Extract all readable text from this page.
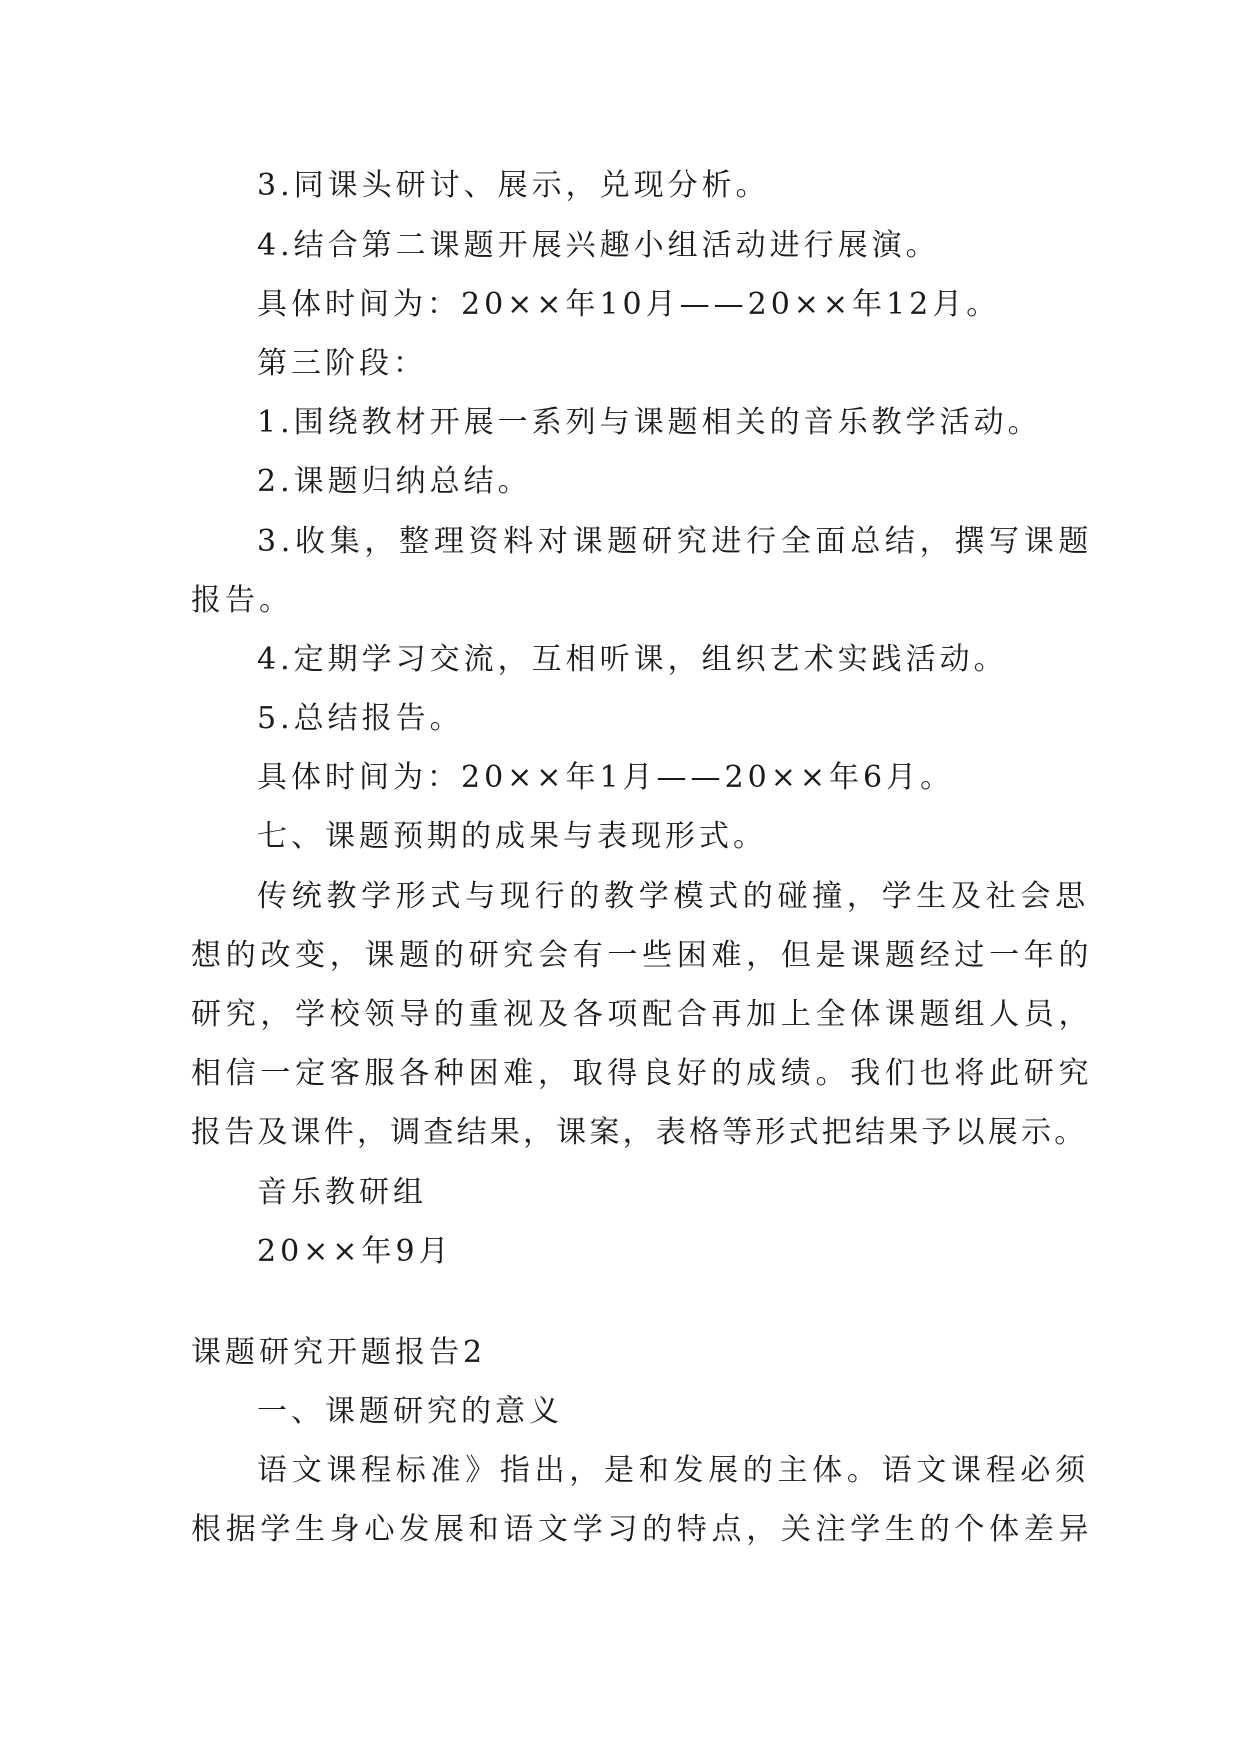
3.同课头研讨、展示，兑现分析。

4.结合第二课题开展兴趣小组活动进行展演。

具体时间为：20××年10月——20××年12月。

第三阶段：

1.围绕教材开展一系列与课题相关的音乐教学活动。

2.课题归纳总结。

3.收集，整理资料对课题研究进行全面总结，撰写课题

报告。

4.定期学习交流，互相听课，组织艺术实践活动。

5.总结报告。

具体时间为：20××年1月——20××年6月。

七、课题预期的成果与表现形式。

传统教学形式与现行的教学模式的碰撞，学生及社会思

想的改变，课题的研究会有一些困难，但是课题经过一年的

研究，学校领导的重视及各项配合再加上全体课题组人员，

相信一定客服各种困难，取得良好的成绩。我们也将此研究

报告及课件，调查结果，课案，表格等形式把结果予以展示。

音乐教研组

20××年9月

课题研究开题报告2

一、课题研究的意义

语文课程标准》指出，是和发展的主体。语文课程必须

根据学生身心发展和语文学习的特点，关注学生的个体差异
